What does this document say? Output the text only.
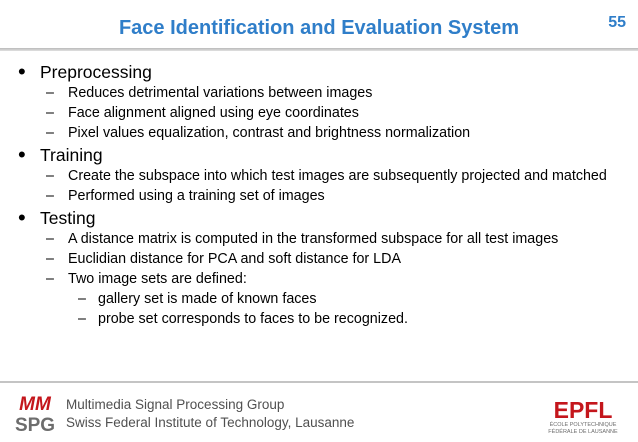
Face Identification and Evaluation System	55
• Preprocessing
– Reduces detrimental variations between images
– Face alignment aligned using eye coordinates
– Pixel values equalization, contrast and brightness normalization
• Training
– Create the subspace into which test images are subsequently projected and matched
– Performed using a training set of images
• Testing
– A distance matrix is computed in the transformed subspace for all test images
– Euclidian distance for PCA and soft distance for LDA
– Two image sets are defined:
– gallery set is made of known faces
– probe set corresponds to faces to be recognized.
MM
SPG
Multimedia Signal Processing Group
Swiss Federal Institute of Technology, Lausanne	EPFL
ÉCOLE POLYTECHNIQUE
FÉDÉRALE DE LAUSANNE
